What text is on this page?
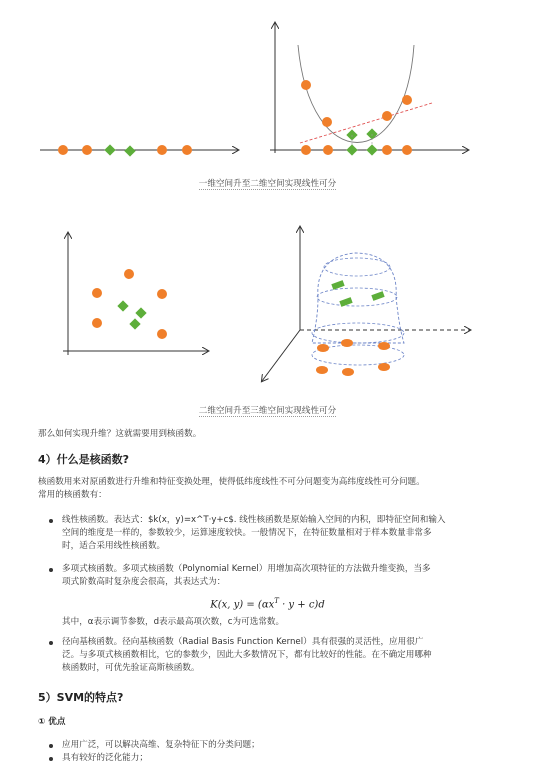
一维空间升至二维空间实现线性可分
二维空间升至三维空间实现线性可分
那么如何实现升维？这就需要用到核函数。
4）什么是核函数?
核函数用来对原函数进行升维和特征变换处理，使得低纬度线性不可分问题变为高纬度线性可分问题。
常用的核函数有：
线性核函数。表达式：$k(x，y)=x^T·y+c$. 线性核函数是原始输入空间的内积，即特征空间和输入
空间的维度是一样的，参数较少，运算速度较快。一般情况下，在特征数量相对于样本数量非常多
时，适合采用线性核函数。
多项式核函数。多项式核函数（Polynomial Kernel）用增加高次项特征的方法做升维变换，当多
项式阶数高时复杂度会很高，其表达式为：
K(x, $y) = (\alpha x^T \cdot y + c)d$
其中，α表示调节参数，d表示最高项次数，c为可选常数。
径向基核函数。径向基核函数（Radial Basis Function Kernel）具有很强的灵活性，应用很广
泛。与多项式核函数相比，它的参数少，因此大多数情况下，都有比较好的性能。在不确定用哪种
核函数时，可优先验证高斯核函数。
5）SVM的特点?
① 优点
应用广泛，可以解决高维、复杂特征下的分类问题；
具有较好的泛化能力；
